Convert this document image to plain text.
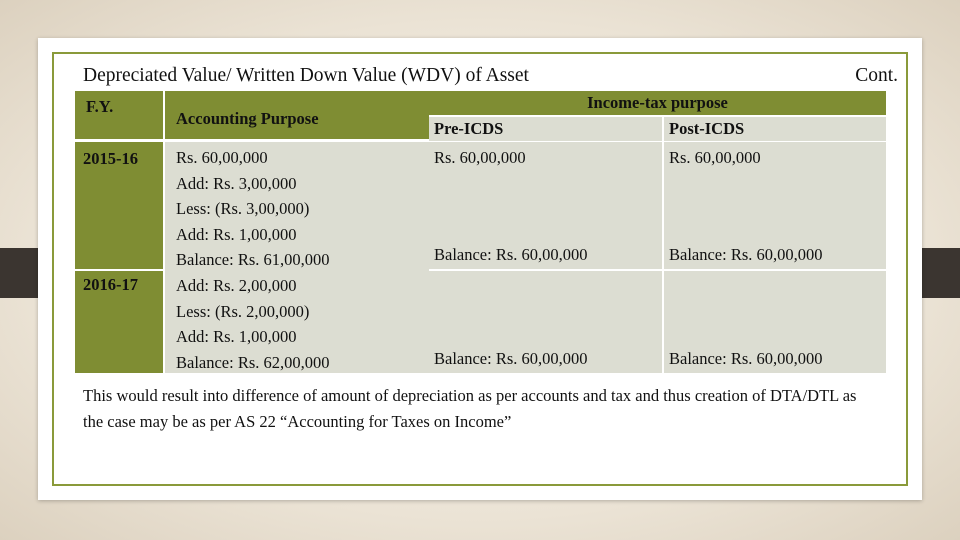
Depreciated Value/ Written Down Value (WDV) of Asset	Cont.
F.Y.
Accounting Purpose
Income-tax purpose
Pre-ICDS	Post-ICDS
2015-16
2016-17
Rs. 60,00,000
Add: Rs. 3,00,000
Less: (Rs. 3,00,000)
Add: Rs. 1,00,000
Balance: Rs. 61,00,000
Add: Rs. 2,00,000
Less: (Rs. 2,00,000)
Add: Rs. 1,00,000
Balance: Rs. 62,00,000
Rs. 60,00,000
Balance: Rs. 60,00,000
Balance: Rs. 60,00,000
Rs. 60,00,000
Balance: Rs. 60,00,000
Balance: Rs. 60,00,000
This would result into difference of amount of depreciation as per accounts and tax and thus creation of DTA/DTL as the case may be as per AS 22 “Accounting for Taxes on Income”
